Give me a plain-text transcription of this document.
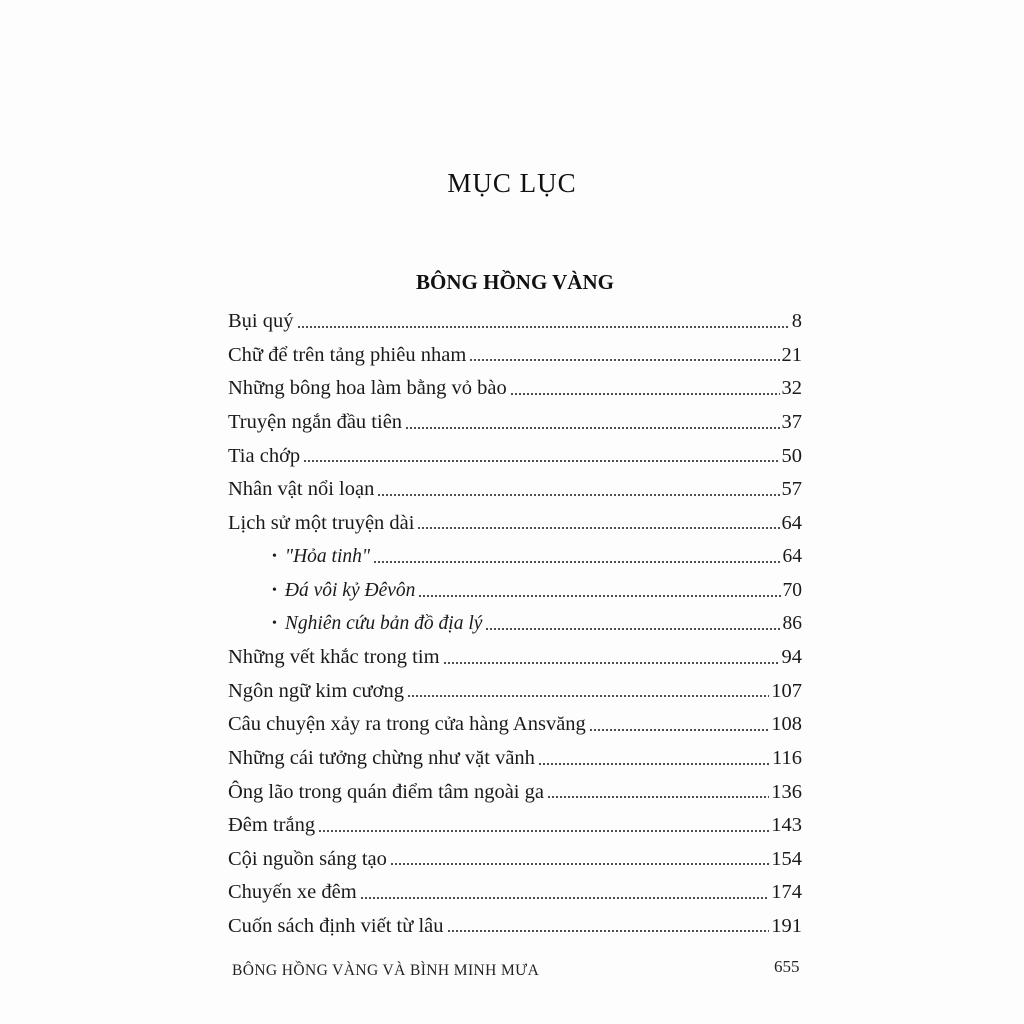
MỤC LỤC
BÔNG HỒNG VÀNG
Bụi quý	8
Chữ để trên tảng phiêu nham	21
Những bông hoa làm bằng vỏ bào	32
Truyện ngắn đầu tiên	37
Tia chớp	50
Nhân vật nổi loạn	57
Lịch sử một truyện dài	64
• "Hỏa tinh"	64
• Đá vôi kỷ Đêvôn	70
• Nghiên cứu bản đồ địa lý	86
Những vết khắc trong tim	94
Ngôn ngữ kim cương	107
Câu chuyện xảy ra trong cửa hàng Ansvăng	108
Những cái tưởng chừng như vặt vãnh	116
Ông lão trong quán điểm tâm ngoài ga	136
Đêm trắng	143
Cội nguồn sáng tạo	154
Chuyến xe đêm	174
Cuốn sách định viết từ lâu	191
BÔNG HỒNG VÀNG VÀ BÌNH MINH MƯA	655
